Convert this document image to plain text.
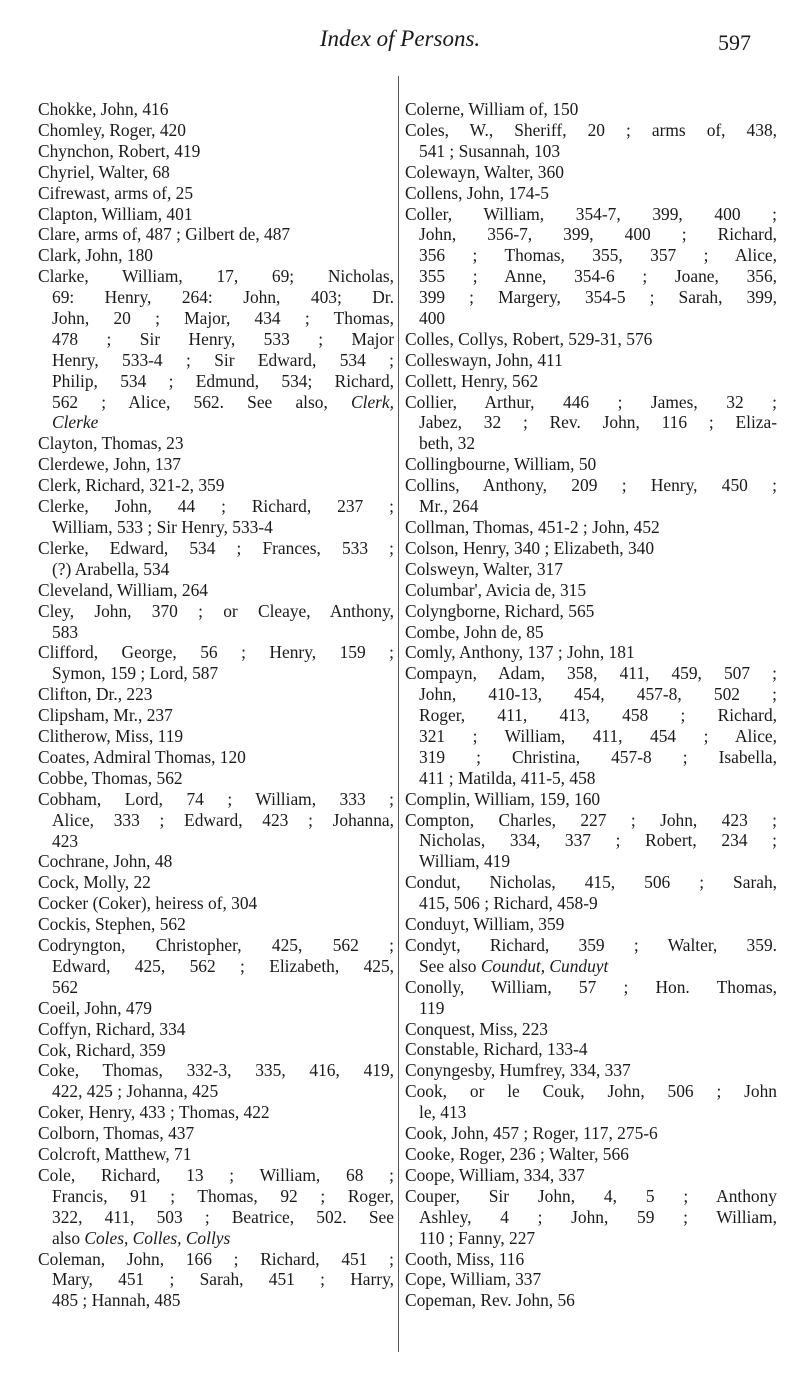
Index of Persons.	597
Chokke, John, 416
Chomley, Roger, 420
Chynchon, Robert, 419
Chyriel, Walter, 68
Cifrewast, arms of, 25
Clapton, William, 401
Clare, arms of, 487 ; Gilbert de, 487
Clark, John, 180
Clarke, William, 17, 69; Nicholas,
69: Henry, 264: John, 403; Dr.
John, 20 ; Major, 434 ; Thomas,
478 ; Sir Henry, 533 ; Major
Henry, 533-4 ; Sir Edward, 534 ;
Philip, 534 ; Edmund, 534; Richard,
562 ; Alice, 562. See also, Clerk,
Clerke
Clayton, Thomas, 23
Clerdewe, John, 137
Clerk, Richard, 321-2, 359
Clerke, John, 44 ; Richard, 237 ;
William, 533 ; Sir Henry, 533-4
Clerke, Edward, 534 ; Frances, 533 ;
(?) Arabella, 534
Cleveland, William, 264
Cley, John, 370 ; or Cleaye, Anthony,
583
Clifford, George, 56 ; Henry, 159 ;
Symon, 159 ; Lord, 587
Clifton, Dr., 223
Clipsham, Mr., 237
Clitherow, Miss, 119
Coates, Admiral Thomas, 120
Cobbe, Thomas, 562
Cobham, Lord, 74 ; William, 333 ;
Alice, 333 ; Edward, 423 ; Johanna,
423
Cochrane, John, 48
Cock, Molly, 22
Cocker (Coker), heiress of, 304
Cockis, Stephen, 562
Codryngton, Christopher, 425, 562 ;
Edward, 425, 562 ; Elizabeth, 425,
562
Coeil, John, 479
Coffyn, Richard, 334
Cok, Richard, 359
Coke, Thomas, 332-3, 335, 416, 419,
422, 425 ; Johanna, 425
Coker, Henry, 433 ; Thomas, 422
Colborn, Thomas, 437
Colcroft, Matthew, 71
Cole, Richard, 13 ; William, 68 ;
Francis, 91 ; Thomas, 92 ; Roger,
322, 411, 503 ; Beatrice, 502. See
also Coles, Colles, Collys
Coleman, John, 166 ; Richard, 451 ;
Mary, 451 ; Sarah, 451 ; Harry,
485 ; Hannah, 485
Colerne, William of, 150
Coles, W., Sheriff, 20 ; arms of, 438,
541 ; Susannah, 103
Colewayn, Walter, 360
Collens, John, 174-5
Coller, William, 354-7, 399, 400 ;
John, 356-7, 399, 400 ; Richard,
356 ; Thomas, 355, 357 ; Alice,
355 ; Anne, 354-6 ; Joane, 356,
399 ; Margery, 354-5 ; Sarah, 399,
400
Colles, Collys, Robert, 529-31, 576
Colleswayn, John, 411
Collett, Henry, 562
Collier, Arthur, 446 ; James, 32 ;
Jabez, 32 ; Rev. John, 116 ; Eliza-
beth, 32
Collingbourne, William, 50
Collins, Anthony, 209 ; Henry, 450 ;
Mr., 264
Collman, Thomas, 451-2 ; John, 452
Colson, Henry, 340 ; Elizabeth, 340
Colsweyn, Walter, 317
Columbar', Avicia de, 315
Colyngborne, Richard, 565
Combe, John de, 85
Comly, Anthony, 137 ; John, 181
Compayn, Adam, 358, 411, 459, 507 ;
John, 410-13, 454, 457-8, 502 ;
Roger, 411, 413, 458 ; Richard,
321 ; William, 411, 454 ; Alice,
319 ; Christina, 457-8 ; Isabella,
411 ; Matilda, 411-5, 458
Complin, William, 159, 160
Compton, Charles, 227 ; John, 423 ;
Nicholas, 334, 337 ; Robert, 234 ;
William, 419
Condut, Nicholas, 415, 506 ; Sarah,
415, 506 ; Richard, 458-9
Conduyt, William, 359
Condyt, Richard, 359 ; Walter, 359.
See also Coundut, Cunduyt
Conolly, William, 57 ; Hon. Thomas,
119
Conquest, Miss, 223
Constable, Richard, 133-4
Conyngesby, Humfrey, 334, 337
Cook, or le Couk, John, 506 ; John
le, 413
Cook, John, 457 ; Roger, 117, 275-6
Cooke, Roger, 236 ; Walter, 566
Coope, William, 334, 337
Couper, Sir John, 4, 5 ; Anthony
Ashley, 4 ; John, 59 ; William,
110 ; Fanny, 227
Cooth, Miss, 116
Cope, William, 337
Copeman, Rev. John, 56
